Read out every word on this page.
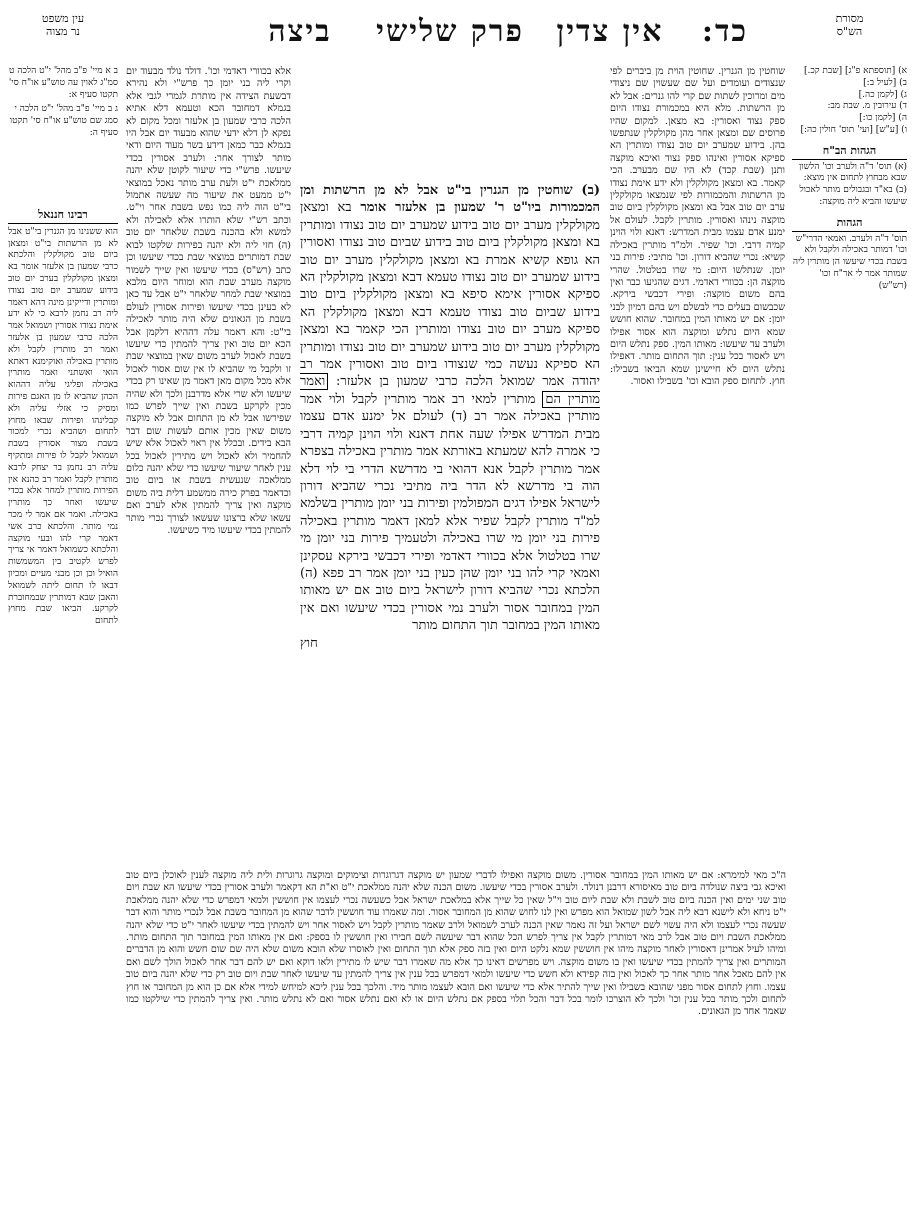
עין משפט
נר מצוה	כד:
אין צדין
פרק שלישי
ביצה	מסורת
הש"ס

ב א מיי' פ"ב מהל' י"ט הלכה ט סמ"ג לאוין עה טוש"ע או"ח סי' תקטו סעיף א:

ג ב מיי' פ"ב מהל' י"ט הלכה י סמג שם טוש"ע או"ח סי' תקטו סעיף ה:

רבינו חננאל
הוא ששנינו מן הגנרין בי"ט אבל לא מן הרשתות בי"ט ומצאן ביום טוב מקולקלין והלכתא כרבי שמעון בן אלעזר אומר בא ומצאן מקולקלין בערב יום טוב בידוע שמערב יום טוב נצודו ומותרין ודייקינן מינה דהא דאמר ליה רב נחמן לרבא כי לא ידע אימת נצודו אסורין ושמואל אמר הלכה כרבי שמעון בן אלעזר ואמר רב מותרין לקבל ולא מותרין באכילה ואוקימנא דאתא הואי ואשתני ואמר מותרין באכילה ופליגי עליה דההוא הכהן שהביא לו מן האגם פירות ומסיק כי אזלי עליה ולא קבלינהו ופירות שבאו מחוץ לתחום ושהביא נכרי למכור בשבת מצור אסורין בשבת ושמואל לקבל לו פירות ומתקיף עליה רב נחמן בר יצחק לרבא מותרין לקבל ואמר רב כהנא אין הפירות מותרין למחר אלא בכדי שיעשו ואחר כך מותרין באכילה. ואמר אם אמר לי מכר נמי מותר. והלכתא כרב אשי דאמר קרי להו ובעי מוקצה והלכתא כשמואל דאמר אי צריך לפרש לקטיב בין המשמשות הואיל וכן וכן מבני מעיים ומכיון דבאו לו תחום ליתה לשמואל והאבן שבא דמותרין שבמחוברת לקרקע. הביאו שבת מחוץ לתחום
א) [תוספתא פ"ג] [שבת קכ.]
ב) [לעיל ב:]
ג) [לקמן כה.]
ד) עירובין מ. שבת מב:
ה) [לקמן כו:]
ו) [ע"ש] [ועי' תוס' חולין כה:]
הגהות הב"ח
(א) תוס' ד"ה ולערב וכו' הלשון שבא מבחוץ לתחום אין מוצא:
(ב) בא"ד ובגבולים מותר לאכול שיעשו והביא ליה מוקצה:
הגהות
תוס' ד"ה ולערב. ואמאי הדרי"ש וכו' דמותר באכילה ולקבל ולא בשבת בכדי שיעשו הן מותרין ליה שמותר אמר לי אר"ח וכו' (רש"ש)
אלא בכוורי דאדמי וכו'. דולד נולד מבעוד יום וקרי ליה בני יומן כך פרש"י ולא נהירא דבשעת הצידה אין מותרת לגמרי לגבי אלא בגמלא דמחובר הכא וטעמא דלא אתיא הלכה כרבי שמעון בן אלעזר ומכל מקום לא נפקא לן דלא ידעי שהוא מבעוד יום אבל היו בגמלא כבר כמאן דידע בשר מעוד היום ודאי מותר לצורך אחר: ולערב אסורין בכדי שיעשו. פרש"י כדי שיעור לקוטן שלא יהנה ממלאכת י"ט ולעת ערב מותר נאכל במוצאי י"ט ממעט את שיעור מה שעשה אתמול בי"ט הוה ליה כמו נפש בשבת אחר וי"ט. וכתב רש"י שלא הותרו אלא לאכילה ולא למשא ולא בהכנה בשבת שלאחר יום טוב (ה) חזי ליה ולא יהנה בפירות שלקטו לבוא שבת דמותרים במוצאי שבת בכדי שיעשו וכן כתב (רש"ס) בכדי שיעשו ואין שייך לשמור מוקצה מערב שבת הוא ומוחר היום מלבא במוצאי שבת למחר שלאחר י"ט אבל עד כאן לא בעינן בכדי שיעשו ופירות אסורין לעולם בשבת מן הגאונים שלא היה מותר לאכילה בי"ט: והא דאמר עלה דההיא דלקמן אבל הכא יום טוב ואין צריך להמתין כדי שיעשו בשבת לאכול לערב משום שאין במוצאי שבת זו ולקבל מי שהביא לו אין שום אסור לאכול אלא מכל מקום מאן דאמר מן שאינו רק בכדי שיעשו ולא שרי אלא מדרבנן ולכך ולא שהיה מכין לקרקע בשבת ואין שייך לפרש כמו שפירשו אבל לא מן התחום אבל לא מוקצה משום שאין מכין אותם לעשות שום דבר הבא בידים. ובכלל אין ראוי לאכול אלא שיש להחמיר ולא לאכול ויש מתירין לאכול בכל ענין לאחר שיעור שיעשו כדי שלא יהנה כלום ממלאכה שנעשית בשבת או ביום טוב וכדאמר בפרק כירה ממשמע דלית ביה משום מוקצה ואין צריך להמתין אלא לערב ואם עשאו שלא ברצונו שעשאו לצורך נכרי מותר להמתין בכדי שיעשו מיד כשיעשו.

(ב) שוחטין מן הגנרין בי"ט אבל לא מן הרשתות ומן המכמורות ביו"ט ר' שמעון בן אלעזר אומר בא ומצאן מקולקלין מערב יום טוב בידוע שמערב יום טוב נצודו ומותרין בא ומצאן מקולקלין ביום טוב בידוע שביום טוב נצודו ואסורין הא גופא קשיא אמרת בא ומצאן מקולקלין מערב יום טוב בידוע שמערב יום טוב נצודו טעמא דבא ומצאן מקולקלין הא ספיקא אסורין אימא סיפא בא ומצאן מקולקלין ביום טוב בידוע שביום טוב נצודו טעמא דבא ומצאן מקולקלין הא ספיקא מערב יום טוב נצודו ומותרין הכי קאמר בא ומצאן מקולקלין מערב יום טוב בידוע שמערב יום טוב נצודו ומותרין הא ספיקא נעשה כמי שנצודו ביום טוב ואסורין אמר רב יהודה אמר שמואל הלכה כרבי שמעון בן אלעזר: ואמר מותרין הם מותרין למאי רב אמר מותרין לקבל ולוי אמר מותרין באכילה אמר רב (ד) לעולם אל ימנע אדם עצמו מבית המדרש אפילו שעה אחת דאנא ולוי הוינן קמיה דרבי כי אמרה להא שמעתא באורתא אמר מותרין באכילה בצפרא אמר מותרין לקבל אנא דהואי בי מדרשא הדרי בי לוי דלא הוה בי מדרשא לא הדר ביה מתיבי נכרי שהביא דורון לישראל אפילו דגים המפולמין ופירות בני יומן מותרין בשלמא למ"ד מותרין לקבל שפיר אלא למאן דאמר מותרין באכילה פירות בני יומן מי שרו באכילה ולטעמיך פירות בני יומן מי שרו בטלטול אלא בכוורי דאדמי ופירי דכבשי בירקא עסקינן ואמאי קרי להו בני יומן שהן כעין בני יומן אמר רב פפא (ה) הלכתא נכרי שהביא דורון לישראל ביום טוב אם יש מאותו המין במחובר אסור ולערב נמי אסורין בכדי שיעשו ואם אין מאותו המין במחובר תוך התחום מותר

חוץ
שוחטין מן הגנרין. שחוטין הוית מן ביברים לפי שנצודים ועומדים ועל שם שעשוין שם ניצודי מים ומרוכין לשתות שם קרי להו גנרים: אבל לא מן הרשתות. מלא היא במכמורת נצודו היום ספק נצוד ואסורין: בא מצאן. למקום שהיו פרוסים שם ומצאן אחר מהן מקולקלין שנתפשו בהן. בידוע שמערב יום טוב נצודו ומותרין הא ספיקא אסורין ואינהו ספק נצוד ואיכא מוקצה ותנן (שבת קכד) לא היו שם מבערב. הכי קאמר. בא ומצאן מקולקלין ולא ידע אימת נצודו מן הרשתות והמכמורות לפי שנמצאו מקולקלין ערב יום טוב אבל בא ומצאן מקולקלין ביום טוב מוקצה נינהו ואסורין. מותרין לקבל. לעולם אל ימנע אדם עצמו מבית המדרש: דאנא ולוי הוינן קמיה דרבי. וכו' שפיר. ולמ"ד מותרין באכילה קשיא: נכרי שהביא דורון. וכו' מתיבי: פירות בני יומן. שנתלשו היום: מי שרו בטלטול. שהרי מוקצה הן: בכוורי דאדמי. דגים שהגיעו כבר ואין בהם משום מוקצה: ופירי דכבשי בירקא. שכבשום בעלים כדי לבשלם ויש בהם דמיון לבני יומן: אם יש מאותו המין במחובר. שהוא חושש שמא היום נתלש ומוקצה הוא אסור אפילו ולערב עד שיעשו: מאותו המין. ספק נתלש היום ויש לאסור בכל ענין: תוך התחום מותר. דאפילו נתלש היום לא חיישינן שמא הביאו בשבילו: חוץ. לתחום ספק הובא וכו' בשבילו ואסור.
ה"כ מאי למימרא: אם יש מאותו המין במחובר אסורין. משום מוקצה ואפילו לדברי שמעון יש מוקצה דגרוגרות וצימוקים ומוקצה גרוגרות ולית ליה מוקצה לענין לאוכלן ביום טוב ואיכא גבי ביצה שנולדה ביום טוב מאיסורא דרבנן דנולד. ולערב אסורין בכדי שיעשו. משום הכנה שלא יהנה ממלאכת י"ט וא"ת הא דקאמר ולערב אסורין בכדי שיעשו הא שבת ויום טוב שני ימים ואין הכנה ביום טוב לשבת ולא שבת ליום טוב וי"ל שאין כל שייך אלא במלאכת ישראל אבל כשעשה נכרי לעצמו אין חוששין ולמאי דמפרש כדי שלא יהנה ממלאכת י"ט ניחא ולא לישנא דבא ליה אבל לשון שמואל הוא מפרש ואין לנו לחוש שהוא מן המחובר אסור. ומה שאמרו עוד חוששין לדבר שהוא מן המחובר בשבת אבל לנכרי מותר והוא דבר שעשה נכרי לעצמו ולא היה עשוי לשם ישראל ועל זה נאמר שאין הכנה לערב לשמואל ולרב שאמר מותרין לקבל ויש לאסור אחר ויש להמתין בכדי שיעשו לאחר י"ט כדי שלא יהנה ממלאכת השבת ויום טוב אבל לרב מאי דמותרין לקבל אין צריך לפרש הכל שהוא דבר שיעשה לשם חבירו ואין חוששין לו בספק: ואם אין מאותו המין במחובר תוך התחום מותר. ומיהו לעיל אמרינן דאסורין לאחר מוקצה מיהו אין חוששין שמא נלקט היום ואין בזה ספק אלא תוך התחום ואין לאוסרו שלא הובא משום שלא היה שם שום חשש והוא מן הדברים המותרים ואין צריך להמתין בכדי שיעשו ואין בו משום מוקצה. ויש מפרשים דאינו כך אלא מה שאמרו דבר שיש לו מתירין ולאו דוקא ואם יש להם דבר אחר לאכול הולך לשם ואם אין להם מאכל אחר מותר אחר כך לאכול ואין בזה קפידא ולא חשש כדי שיעשו ולמאי דמפרש בכל ענין אין צריך להמתין עד שיעשו לאחר שבת ויום טוב רק כדי שלא יהנה ביום טוב עצמו. וחוץ לתחום אסור מפני שהובא בשבילו ואין שייך להתיר אלא כדי שיעשו ואם הובא לעצמו מותר מיד. והלכך בכל ענין ליכא למיחש למידי אלא אם כן הוא מן המחובר או חוץ לתחום ולכך מותר בכל ענין וכו' ולכך לא הוצרכו לומר בכל דבר והכל תלוי בספק אם נתלש היום או לא ואם נתלש אסור ואם לא נתלש מותר. ואין צריך להמתין כדי שילקטו כמו שאמר אחד מן הגאונים.
